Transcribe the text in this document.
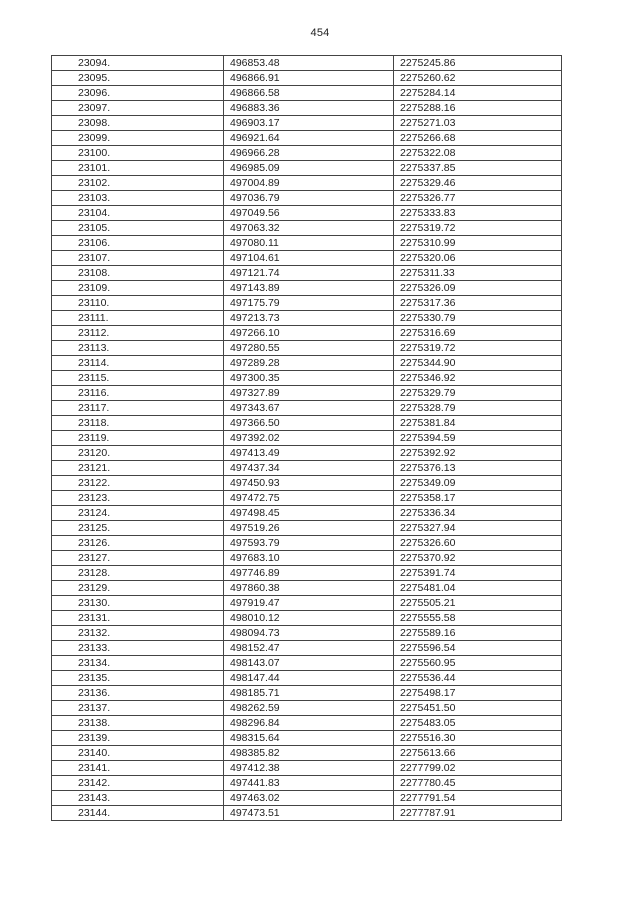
454
23094.	496853.48	2275245.86
23095.	496866.91	2275260.62
23096.	496866.58	2275284.14
23097.	496883.36	2275288.16
23098.	496903.17	2275271.03
23099.	496921.64	2275266.68
23100.	496966.28	2275322.08
23101.	496985.09	2275337.85
23102.	497004.89	2275329.46
23103.	497036.79	2275326.77
23104.	497049.56	2275333.83
23105.	497063.32	2275319.72
23106.	497080.11	2275310.99
23107.	497104.61	2275320.06
23108.	497121.74	2275311.33
23109.	497143.89	2275326.09
23110.	497175.79	2275317.36
23111.	497213.73	2275330.79
23112.	497266.10	2275316.69
23113.	497280.55	2275319.72
23114.	497289.28	2275344.90
23115.	497300.35	2275346.92
23116.	497327.89	2275329.79
23117.	497343.67	2275328.79
23118.	497366.50	2275381.84
23119.	497392.02	2275394.59
23120.	497413.49	2275392.92
23121.	497437.34	2275376.13
23122.	497450.93	2275349.09
23123.	497472.75	2275358.17
23124.	497498.45	2275336.34
23125.	497519.26	2275327.94
23126.	497593.79	2275326.60
23127.	497683.10	2275370.92
23128.	497746.89	2275391.74
23129.	497860.38	2275481.04
23130.	497919.47	2275505.21
23131.	498010.12	2275555.58
23132.	498094.73	2275589.16
23133.	498152.47	2275596.54
23134.	498143.07	2275560.95
23135.	498147.44	2275536.44
23136.	498185.71	2275498.17
23137.	498262.59	2275451.50
23138.	498296.84	2275483.05
23139.	498315.64	2275516.30
23140.	498385.82	2275613.66
23141.	497412.38	2277799.02
23142.	497441.83	2277780.45
23143.	497463.02	2277791.54
23144.	497473.51	2277787.91
